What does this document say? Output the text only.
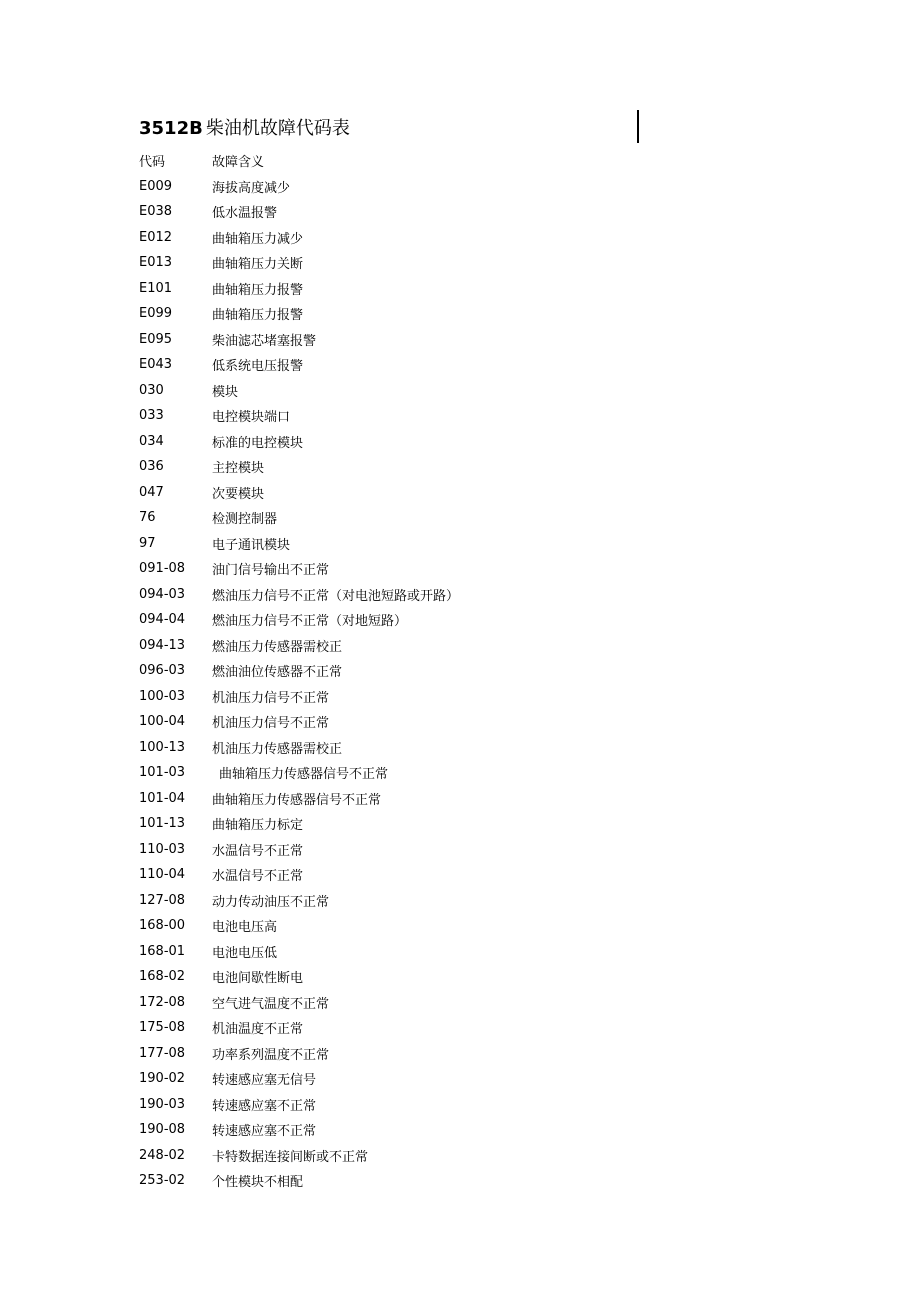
3512B 柴油机故障代码表
代码	故障含义
E009	海拔高度减少
E038	低水温报警
E012	曲轴箱压力减少
E013	曲轴箱压力关断
E101	曲轴箱压力报警
E099	曲轴箱压力报警
E095	柴油滤芯堵塞报警
E043	低系统电压报警
030	模块
033	电控模块端口
034	标准的电控模块
036	主控模块
047	次要模块
76	检测控制器
97	电子通讯模块
091-08	油门信号输出不正常
094-03	燃油压力信号不正常（对电池短路或开路）
094-04	燃油压力信号不正常（对地短路）
094-13	燃油压力传感器需校正
096-03	燃油油位传感器不正常
100-03	机油压力信号不正常
100-04	机油压力信号不正常
100-13	机油压力传感器需校正
101-03	曲轴箱压力传感器信号不正常
101-04	曲轴箱压力传感器信号不正常
101-13	曲轴箱压力标定
110-03	水温信号不正常
110-04	水温信号不正常
127-08	动力传动油压不正常
168-00	电池电压高
168-01	电池电压低
168-02	电池间歇性断电
172-08	空气进气温度不正常
175-08	机油温度不正常
177-08	功率系列温度不正常
190-02	转速感应塞无信号
190-03	转速感应塞不正常
190-08	转速感应塞不正常
248-02	卡特数据连接间断或不正常
253-02	个性模块不相配
